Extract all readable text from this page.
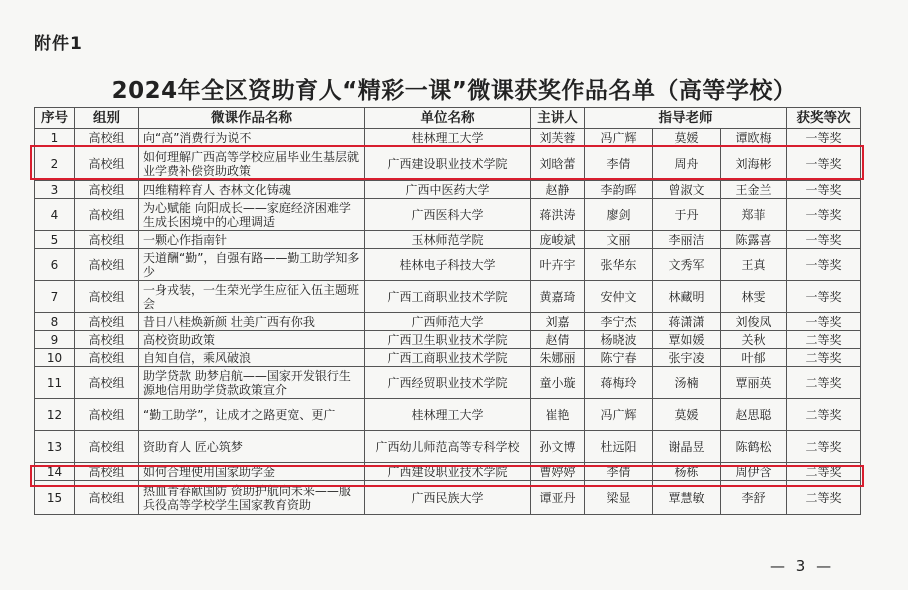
附件1
2024年全区资助育人“精彩一课”微课获奖作品名单（高等学校）
序号	组别	微课作品名称	单位名称	主讲人	指导老师			获奖等次
1	高校组	向“高”消费行为说不	桂林理工大学	刘芙蓉	冯广辉	莫媛	谭欧梅	一等奖
2	高校组	如何理解广西高等学校应届毕业生基层就业学费补偿资助政策	广西建设职业技术学院	刘晗蕾	李倩	周舟	刘海彬	一等奖
3	高校组	四维精粹育人 杏林文化铸魂	广西中医药大学	赵静	李韵晖	曾淑文	王金兰	一等奖
4	高校组	为心赋能 向阳成长——家庭经济困难学生成长困境中的心理调适	广西医科大学	蒋洪涛	廖剑	于丹	郑菲	一等奖
5	高校组	一颗心作指南针	玉林师范学院	庞峻斌	文丽	李丽洁	陈露喜	一等奖
6	高校组	天道酬“勤”，自强有路——勤工助学知多少	桂林电子科技大学	叶卉宇	张华东	文秀军	王真	一等奖
7	高校组	一身戎装，一生荣光学生应征入伍主题班会	广西工商职业技术学院	黄嘉琦	安仲文	林藏明	林雯	一等奖
8	高校组	昔日八桂焕新颜 壮美广西有你我	广西师范大学	刘嘉	李宁杰	蒋潇潇	刘俊凤	一等奖
9	高校组	高校资助政策	广西卫生职业技术学院	赵倩	杨晓波	覃如媛	关秋	二等奖
10	高校组	自知自信，乘风破浪	广西工商职业技术学院	朱娜丽	陈宁春	张宇凌	叶郁	二等奖
11	高校组	助学贷款 助梦启航——国家开发银行生源地信用助学贷款政策宣介	广西经贸职业技术学院	童小璇	蒋梅玲	汤楠	覃丽英	二等奖
12	高校组	“勤工助学”，让成才之路更宽、更广	桂林理工大学	崔艳	冯广辉	莫媛	赵思聪	二等奖
13	高校组	资助育人 匠心筑梦	广西幼儿师范高等专科学校	孙文博	杜远阳	谢晶昱	陈鹤松	二等奖
14	高校组	如何合理使用国家助学金	广西建设职业技术学院	曹婷婷	李倩	杨栋	周伊含	二等奖
15	高校组	热血青春献国防 资助护航向未来——服兵役高等学校学生国家教育资助	广西民族大学	谭亚丹	梁显	覃慧敏	李舒	二等奖
— 3 —
